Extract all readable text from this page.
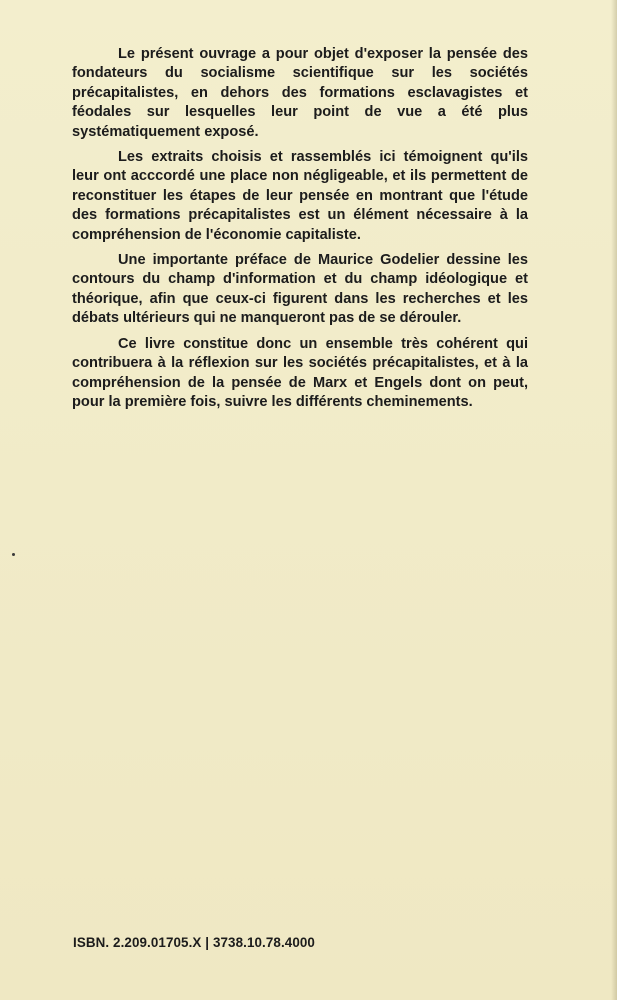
Le présent ouvrage a pour objet d'exposer la pensée des fondateurs du socialisme scientifique sur les sociétés précapitalistes, en dehors des formations esclavagistes et féodales sur lesquelles leur point de vue a été plus systématiquement exposé.

Les extraits choisis et rassemblés ici témoignent qu'ils leur ont acccordé une place non négligeable, et ils permettent de reconstituer les étapes de leur pensée en montrant que l'étude des formations précapitalistes est un élément nécessaire à la compréhension de l'économie capitaliste.

Une importante préface de Maurice Godelier dessine les contours du champ d'information et du champ idéologique et théorique, afin que ceux-ci figurent dans les recherches et les débats ultérieurs qui ne manqueront pas de se dérouler.

Ce livre constitue donc un ensemble très cohérent qui contribuera à la réflexion sur les sociétés précapitalistes, et à la compréhension de la pensée de Marx et Engels dont on peut, pour la première fois, suivre les différents cheminements.

ISBN. 2.209.01705.X | 3738.10.78.4000
